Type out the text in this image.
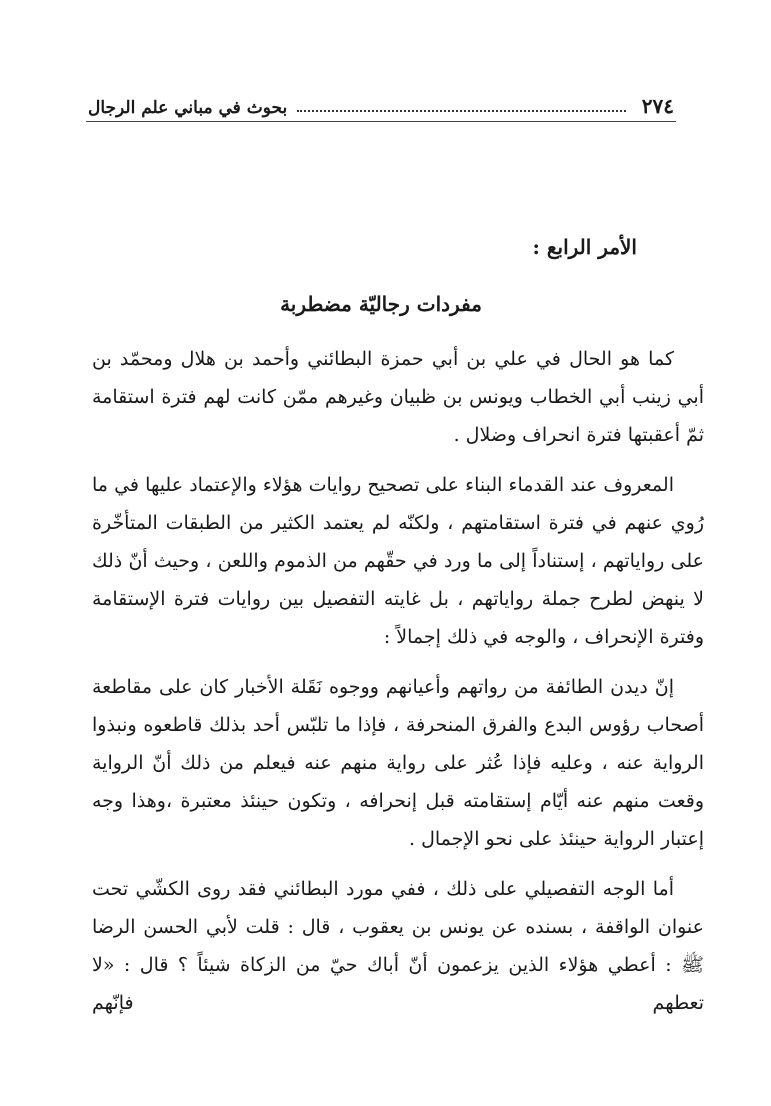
٢٧٤
بحوث في مباني علم الرجال
الأمر الرابع :
مفردات رجاليّة مضطربة

كما هو الحال في علي بن أبي حمزة البطائني وأحمد بن هلال ومحمّد بن أبي زينب أبي الخطاب ويونس بن ظبيان وغيرهم ممّن كانت لهم فترة استقامة ثمّ أعقبتها فترة انحراف وضلال .

المعروف عند القدماء البناء على تصحيح روايات هؤلاء والإعتماد عليها في ما رُوي عنهم في فترة استقامتهم ، ولكنّه لم يعتمد الكثير من الطبقات المتأخّرة على رواياتهم ، إستناداً إلى ما ورد في حقّهم من الذموم واللعن ، وحيث أنّ ذلك لا ينهض لطرح جملة رواياتهم ، بل غايته التفصيل بين روايات فترة الإستقامة وفترة الإنحراف ، والوجه في ذلك إجمالاً :

إنّ ديدن الطائفة من رواتهم وأعيانهم ووجوه نَقَلة الأخبار كان على مقاطعة أصحاب رؤوس البدع والفرق المنحرفة ، فإذا ما تلبّس أحد بذلك قاطعوه ونبذوا الرواية عنه ، وعليه فإذا عُثر على رواية منهم عنه فيعلم من ذلك أنّ الرواية وقعت منهم عنه أيّام إستقامته قبل إنحرافه ، وتكون حينئذ معتبرة ،وهذا وجه إعتبار الرواية حينئذ على نحو الإجمال .

أما الوجه التفصيلي على ذلك ، ففي مورد البطائني فقد روى الكشّي تحت عنوان الواقفة ، بسنده عن يونس بن يعقوب ، قال : قلت لأبي الحسن الرضا ﷺ : أعطي هؤلاء الذين يزعمون أنّ أباك حيّ من الزكاة شيئاً ؟ قال : «لا تعطهم فإنّهم
